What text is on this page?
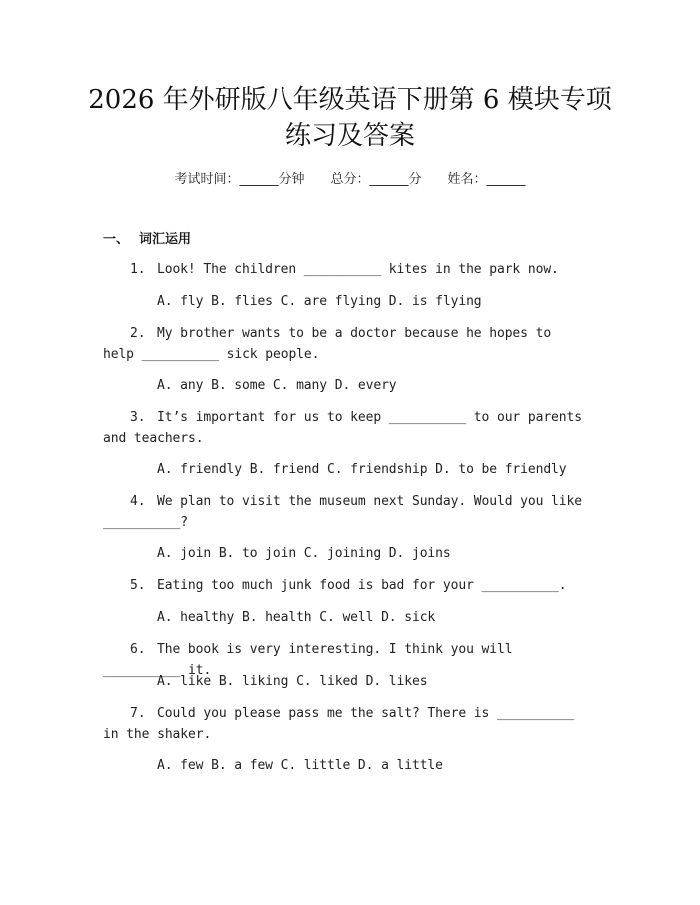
2026 年外研版八年级英语下册第 6 模块专项
练习及答案
考试时间：______分钟 总分：______分 姓名：______
一、 词汇运用
1. Look! The children __________ kites in the park now.
A. fly B. flies C. are flying D. is flying
2. My brother wants to be a doctor because he hopes to help __________ sick people.
A. any B. some C. many D. every
3. It’s important for us to keep __________ to our parents and teachers.
A. friendly B. friend C. friendship D. to be friendly
4. We plan to visit the museum next Sunday. Would you like __________?
A. join B. to join C. joining D. joins
5. Eating too much junk food is bad for your __________.
A. healthy B. health C. well D. sick
6. The book is very interesting. I think you will __________ it.
A. like B. liking C. liked D. likes
7. Could you please pass me the salt? There is __________ in the shaker.
A. few B. a few C. little D. a little
